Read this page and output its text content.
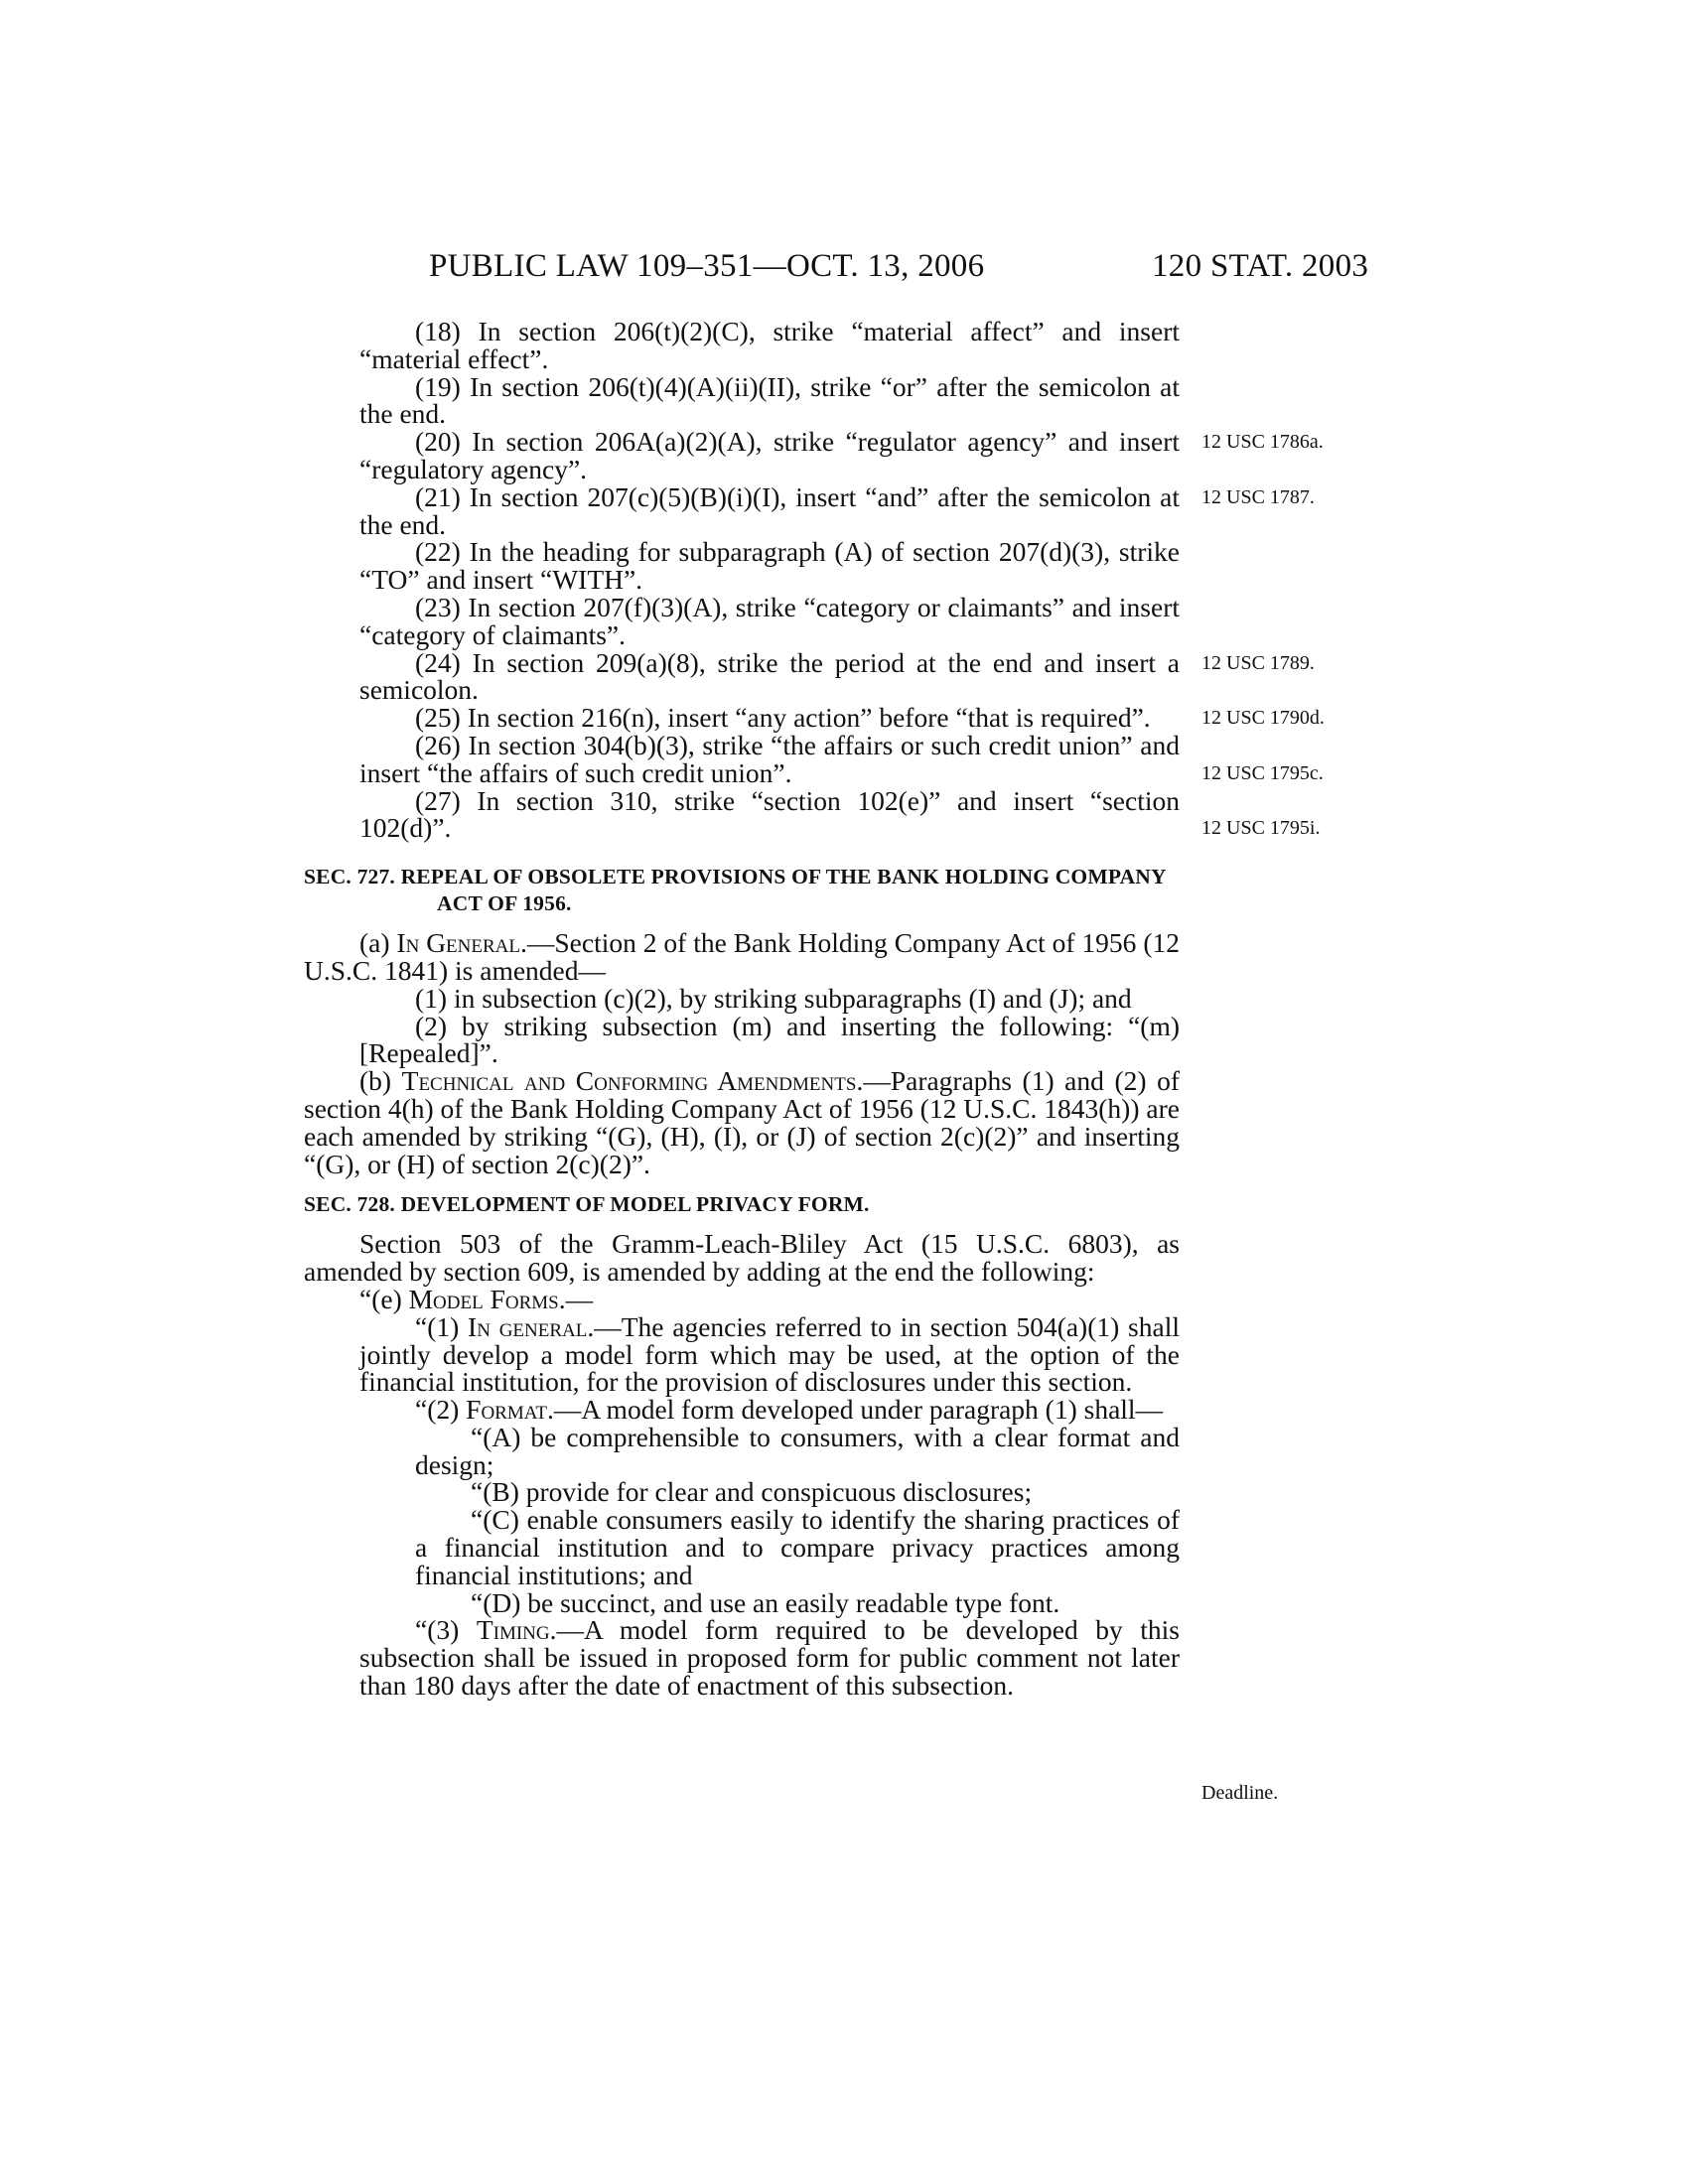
PUBLIC LAW 109–351—OCT. 13, 2006	120 STAT. 2003
12 USC 1786a.
12 USC 1787.
12 USC 1789.
12 USC 1790d.
12 USC 1795c.
12 USC 1795i.
Deadline.

(18) In section 206(t)(2)(C), strike “material affect” and insert “material effect”.

(19) In section 206(t)(4)(A)(ii)(II), strike “or” after the semicolon at the end.

(20) In section 206A(a)(2)(A), strike “regulator agency” and insert “regulatory agency”.

(21) In section 207(c)(5)(B)(i)(I), insert “and” after the semicolon at the end.

(22) In the heading for subparagraph (A) of section 207(d)(3), strike “TO” and insert “WITH”.

(23) In section 207(f)(3)(A), strike “category or claimants” and insert “category of claimants”.

(24) In section 209(a)(8), strike the period at the end and insert a semicolon.

(25) In section 216(n), insert “any action” before “that is required”.

(26) In section 304(b)(3), strike “the affairs or such credit union” and insert “the affairs of such credit union”.

(27) In section 310, strike “section 102(e)” and insert “section 102(d)”.

SEC. 727. REPEAL OF OBSOLETE PROVISIONS OF THE BANK HOLDING COMPANY ACT OF 1956.

(a) In General.—Section 2 of the Bank Holding Company Act of 1956 (12 U.S.C. 1841) is amended—

(1) in subsection (c)(2), by striking subparagraphs (I) and (J); and

(2) by striking subsection (m) and inserting the following: “(m) [Repealed]”.

(b) Technical and Conforming Amendments.—Paragraphs (1) and (2) of section 4(h) of the Bank Holding Company Act of 1956 (12 U.S.C. 1843(h)) are each amended by striking “(G), (H), (I), or (J) of section 2(c)(2)” and inserting “(G), or (H) of section 2(c)(2)”.

SEC. 728. DEVELOPMENT OF MODEL PRIVACY FORM.

Section 503 of the Gramm-Leach-Bliley Act (15 U.S.C. 6803), as amended by section 609, is amended by adding at the end the following:

“(e) Model Forms.—

“(1) In general.—The agencies referred to in section 504(a)(1) shall jointly develop a model form which may be used, at the option of the financial institution, for the provision of disclosures under this section.

“(2) Format.—A model form developed under paragraph (1) shall—

“(A) be comprehensible to consumers, with a clear format and design;

“(B) provide for clear and conspicuous disclosures;

“(C) enable consumers easily to identify the sharing practices of a financial institution and to compare privacy practices among financial institutions; and

“(D) be succinct, and use an easily readable type font.

“(3) Timing.—A model form required to be developed by this subsection shall be issued in proposed form for public comment not later than 180 days after the date of enactment of this subsection.
